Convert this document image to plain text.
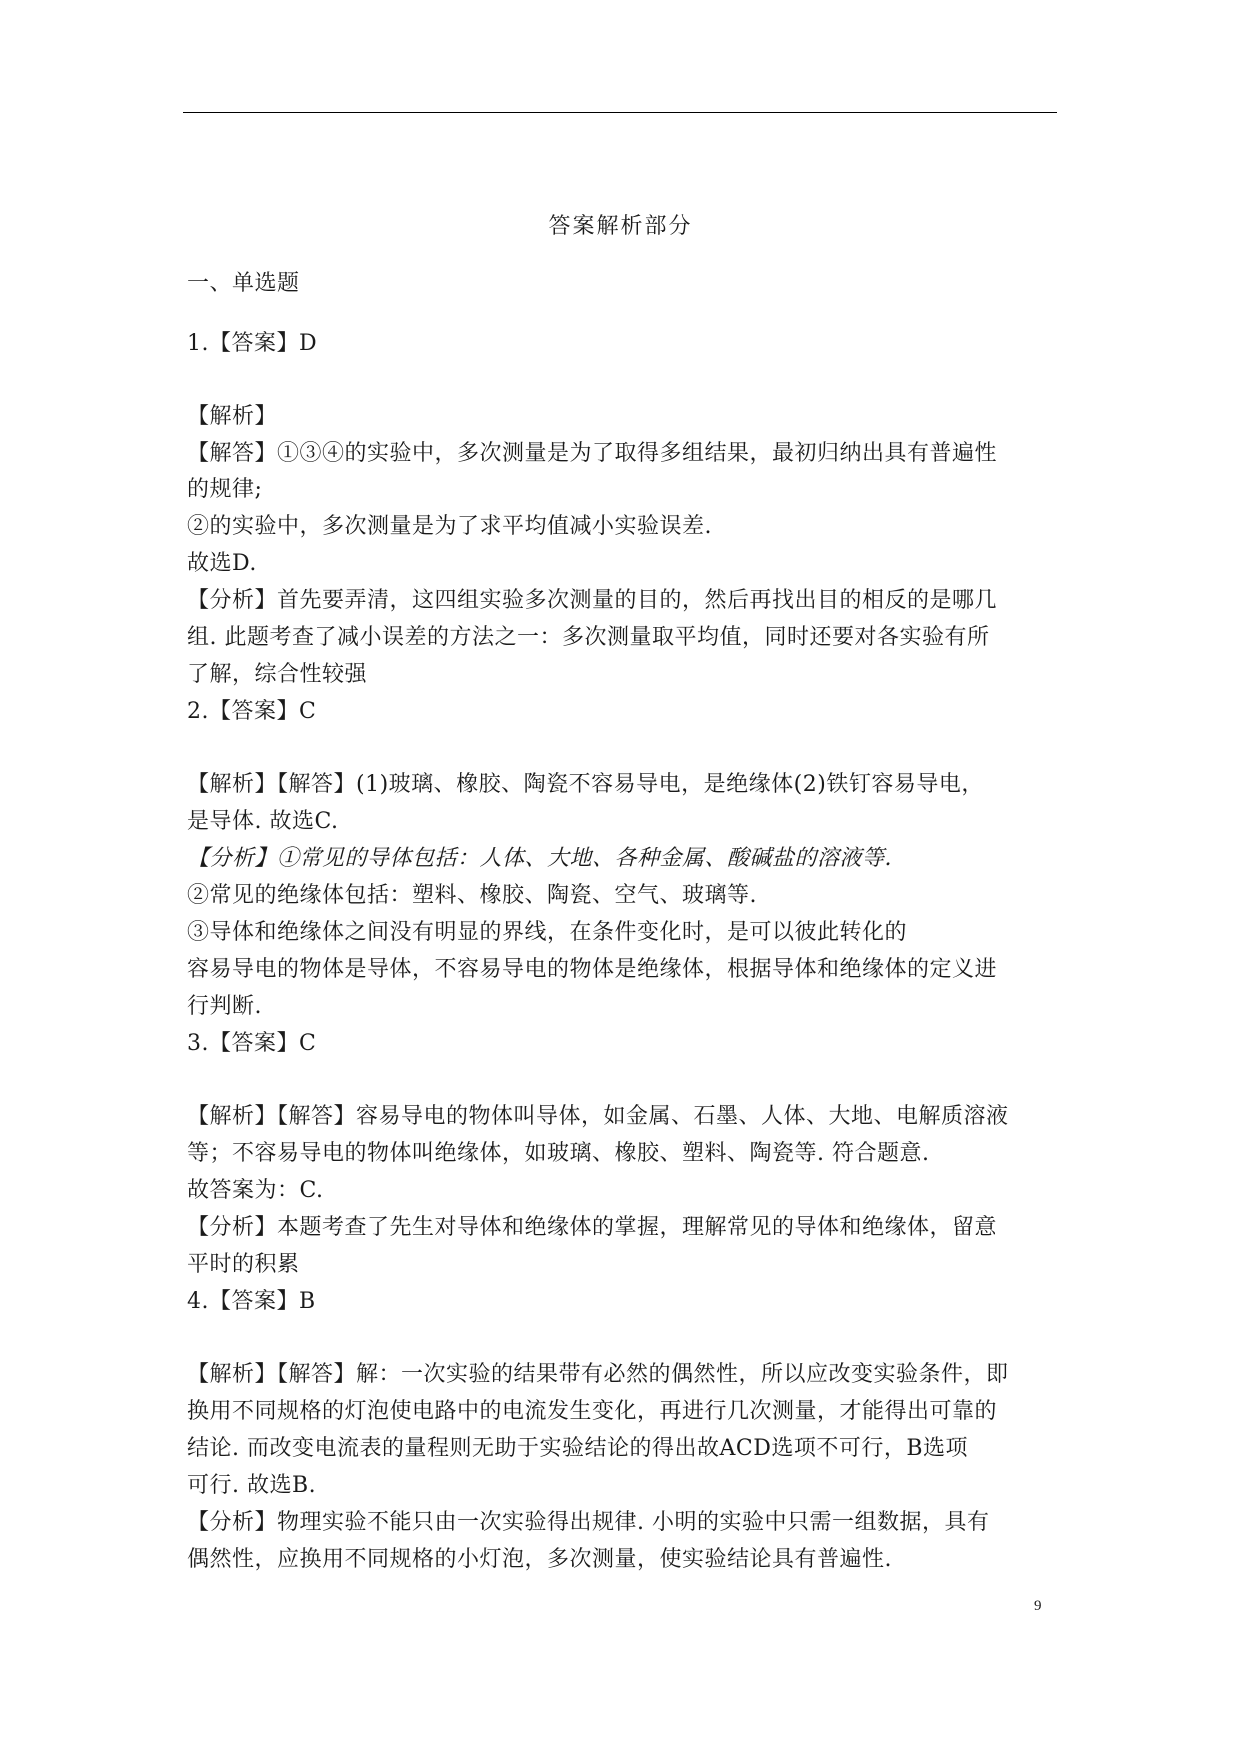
答案解析部分
一、单选题
1.【答案】D
【解析】
【解答】①③④的实验中，多次测量是为了取得多组结果，最初归纳出具有普遍性
的规律;
②的实验中，多次测量是为了求平均值减小实验误差.
故选D.
【分析】首先要弄清，这四组实验多次测量的目的，然后再找出目的相反的是哪几
组. 此题考查了减小误差的方法之一：多次测量取平均值，同时还要对各实验有所
了解，综合性较强
2.【答案】C
【解析】【解答】(1)玻璃、橡胶、陶瓷不容易导电，是绝缘体(2)铁钉容易导电，
是导体. 故选C.
【分析】①常见的导体包括：人体、大地、各种金属、酸碱盐的溶液等.
②常见的绝缘体包括：塑料、橡胶、陶瓷、空气、玻璃等.
③导体和绝缘体之间没有明显的界线，在条件变化时，是可以彼此转化的
容易导电的物体是导体，不容易导电的物体是绝缘体，根据导体和绝缘体的定义进
行判断.
3.【答案】C
【解析】【解答】容易导电的物体叫导体，如金属、石墨、人体、大地、电解质溶液
等；不容易导电的物体叫绝缘体，如玻璃、橡胶、塑料、陶瓷等. 符合题意.
故答案为：C.
【分析】本题考查了先生对导体和绝缘体的掌握，理解常见的导体和绝缘体，留意
平时的积累
4.【答案】B
【解析】【解答】解：一次实验的结果带有必然的偶然性，所以应改变实验条件，即
换用不同规格的灯泡使电路中的电流发生变化，再进行几次测量，才能得出可靠的
结论. 而改变电流表的量程则无助于实验结论的得出故ACD选项不可行，B选项
可行. 故选B.
【分析】物理实验不能只由一次实验得出规律. 小明的实验中只需一组数据，具有
偶然性，应换用不同规格的小灯泡，多次测量，使实验结论具有普遍性.
9
